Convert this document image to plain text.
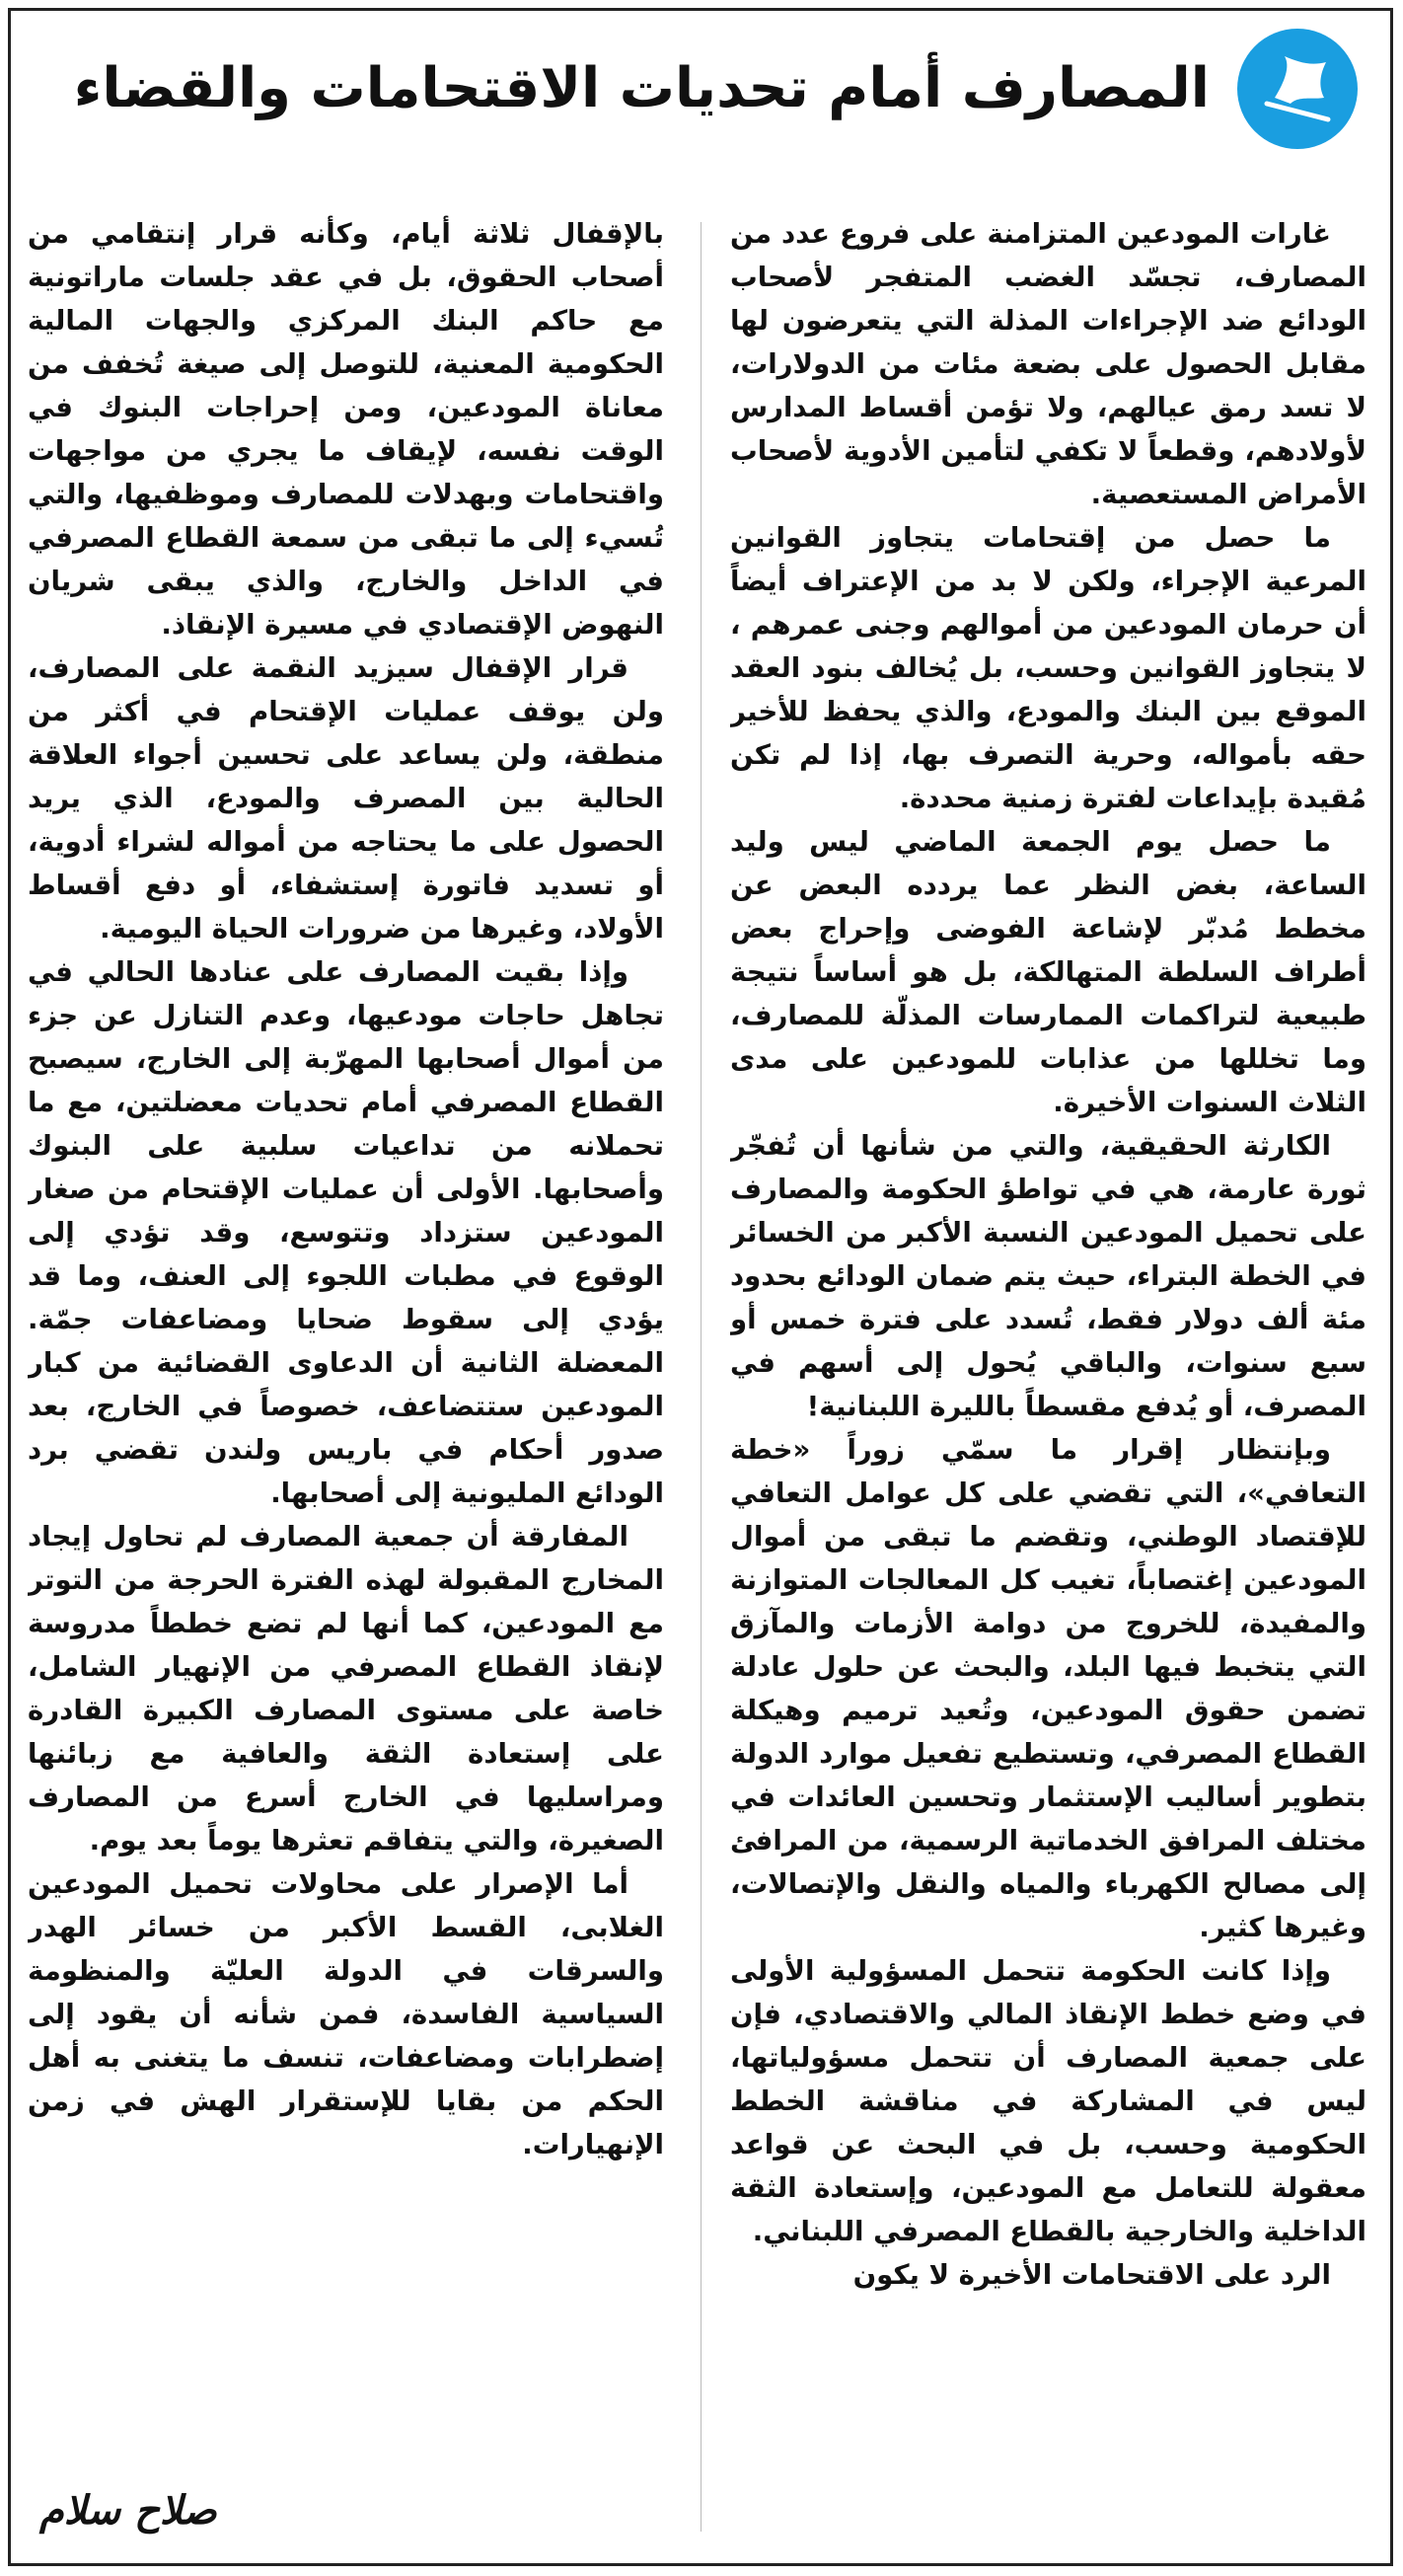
المصارف أمام تحديات الاقتحامات والقضاء

غارات المودعين المتزامنة على فروع عدد من المصارف، تجسّد الغضب المتفجر لأصحاب الودائع ضد الإجراءات المذلة التي يتعرضون لها مقابل الحصول على بضعة مئات من الدولارات، لا تسد رمق عيالهم، ولا تؤمن أقساط المدارس لأولادهم، وقطعاً لا تكفي لتأمين الأدوية لأصحاب الأمراض المستعصية.

ما حصل من إقتحامات يتجاوز القوانين المرعية الإجراء، ولكن لا بد من الإعتراف أيضاً أن حرمان المودعين من أموالهم وجنى عمرهم ، لا يتجاوز القوانين وحسب، بل يُخالف بنود العقد الموقع بين البنك والمودع، والذي يحفظ للأخير حقه بأمواله، وحرية التصرف بها، إذا لم تكن مُقيدة بإيداعات لفترة زمنية محددة.

ما حصل يوم الجمعة الماضي ليس وليد الساعة، بغض النظر عما يردده البعض عن مخطط مُدبّر لإشاعة الفوضى وإحراج بعض أطراف السلطة المتهالكة، بل هو أساساً نتيجة طبيعية لتراكمات الممارسات المذلّة للمصارف، وما تخللها من عذابات للمودعين على مدى الثلاث السنوات الأخيرة.

الكارثة الحقيقية، والتي من شأنها أن تُفجّر ثورة عارمة، هي في تواطؤ الحكومة والمصارف على تحميل المودعين النسبة الأكبر من الخسائر في الخطة البتراء، حيث يتم ضمان الودائع بحدود مئة ألف دولار فقط، تُسدد على فترة خمس أو سبع سنوات، والباقي يُحول إلى أسهم في المصرف، أو يُدفع مقسطاً بالليرة اللبنانية!

وبإنتظار إقرار ما سمّي زوراً «خطة التعافي»، التي تقضي على كل عوامل التعافي للإقتصاد الوطني، وتقضم ما تبقى من أموال المودعين إغتصاباً، تغيب كل المعالجات المتوازنة والمفيدة، للخروج من دوامة الأزمات والمآزق التي يتخبط فيها البلد، والبحث عن حلول عادلة تضمن حقوق المودعين، وتُعيد ترميم وهيكلة القطاع المصرفي، وتستطيع تفعيل موارد الدولة بتطوير أساليب الإستثمار وتحسين العائدات في مختلف المرافق الخدماتية الرسمية، من المرافئ إلى مصالح الكهرباء والمياه والنقل والإتصالات، وغيرها كثير.

وإذا كانت الحكومة تتحمل المسؤولية الأولى في وضع خطط الإنقاذ المالي والاقتصادي، فإن على جمعية المصارف أن تتحمل مسؤولياتها، ليس في المشاركة في مناقشة الخطط الحكومية وحسب، بل في البحث عن قواعد معقولة للتعامل مع المودعين، وإستعادة الثقة الداخلية والخارجية بالقطاع المصرفي اللبناني.

الرد على الاقتحامات الأخيرة لا يكون

بالإقفال ثلاثة أيام، وكأنه قرار إنتقامي من أصحاب الحقوق، بل في عقد جلسات ماراتونية مع حاكم البنك المركزي والجهات المالية الحكومية المعنية، للتوصل إلى صيغة تُخفف من معاناة المودعين، ومن إحراجات البنوك في الوقت نفسه، لإيقاف ما يجري من مواجهات واقتحامات وبهدلات للمصارف وموظفيها، والتي تُسيء إلى ما تبقى من سمعة القطاع المصرفي في الداخل والخارج، والذي يبقى شريان النهوض الإقتصادي في مسيرة الإنقاذ.

قرار الإقفال سيزيد النقمة على المصارف، ولن يوقف عمليات الإقتحام في أكثر من منطقة، ولن يساعد على تحسين أجواء العلاقة الحالية بين المصرف والمودع، الذي يريد الحصول على ما يحتاجه من أمواله لشراء أدوية، أو تسديد فاتورة إستشفاء، أو دفع أقساط الأولاد، وغيرها من ضرورات الحياة اليومية.

وإذا بقيت المصارف على عنادها الحالي في تجاهل حاجات مودعيها، وعدم التنازل عن جزء من أموال أصحابها المهرّبة إلى الخارج، سيصبح القطاع المصرفي أمام تحديات معضلتين، مع ما تحملانه من تداعيات سلبية على البنوك وأصحابها. الأولى أن عمليات الإقتحام من صغار المودعين ستزداد وتتوسع، وقد تؤدي إلى الوقوع في مطبات اللجوء إلى العنف، وما قد يؤدي إلى سقوط ضحايا ومضاعفات جمّة. المعضلة الثانية أن الدعاوى القضائية من كبار المودعين ستتضاعف، خصوصاً في الخارج، بعد صدور أحكام في باريس ولندن تقضي برد الودائع المليونية إلى أصحابها.

المفارقة أن جمعية المصارف لم تحاول إيجاد المخارج المقبولة لهذه الفترة الحرجة من التوتر مع المودعين، كما أنها لم تضع خططاً مدروسة لإنقاذ القطاع المصرفي من الإنهيار الشامل، خاصة على مستوى المصارف الكبيرة القادرة على إستعادة الثقة والعافية مع زبائنها ومراسليها في الخارج أسرع من المصارف الصغيرة، والتي يتفاقم تعثرها يوماً بعد يوم.

أما الإصرار على محاولات تحميل المودعين الغلابى، القسط الأكبر من خسائر الهدر والسرقات في الدولة العليّة والمنظومة السياسية الفاسدة، فمن شأنه أن يقود إلى إضطرابات ومضاعفات، تنسف ما يتغنى به أهل الحكم من بقايا للإستقرار الهش في زمن الإنهيارات.

صلاح سلام
